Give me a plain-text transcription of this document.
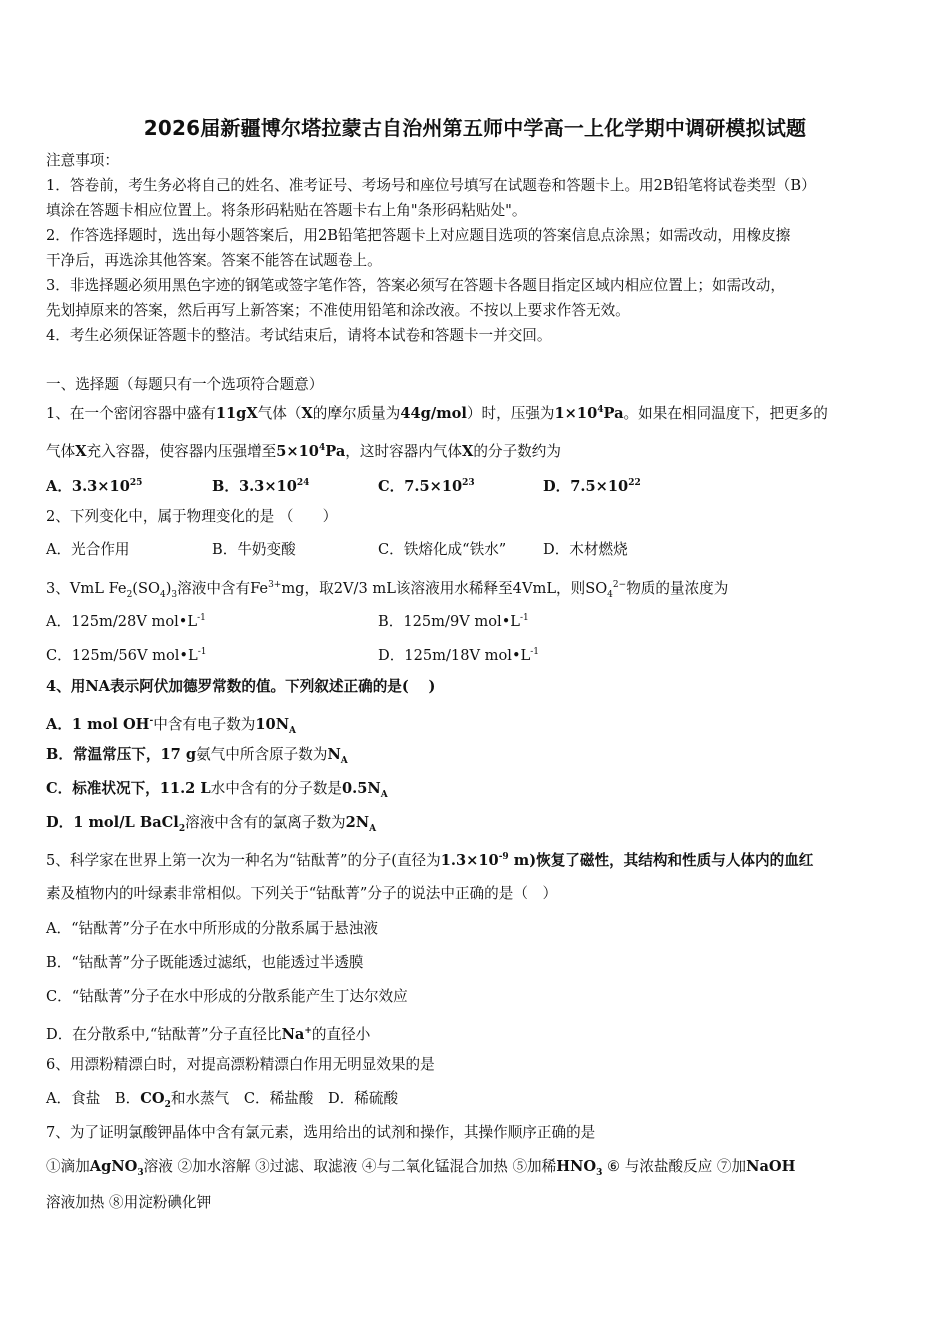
2026届新疆博尔塔拉蒙古自治州第五师中学高一上化学期中调研模拟试题
注意事项：
1．答卷前，考生务必将自己的姓名、准考证号、考场号和座位号填写在试题卷和答题卡上。用2B铅笔将试卷类型（B）
填涂在答题卡相应位置上。将条形码粘贴在答题卡右上角"条形码粘贴处"。
2．作答选择题时，选出每小题答案后，用2B铅笔把答题卡上对应题目选项的答案信息点涂黑；如需改动，用橡皮擦
干净后，再选涂其他答案。答案不能答在试题卷上。
3．非选择题必须用黑色字迹的钢笔或签字笔作答，答案必须写在答题卡各题目指定区域内相应位置上；如需改动，
先划掉原来的答案，然后再写上新答案；不准使用铅笔和涂改液。不按以上要求作答无效。
4．考生必须保证答题卡的整洁。考试结束后，请将本试卷和答题卡一并交回。
一、选择题（每题只有一个选项符合题意）
1、在一个密闭容器中盛有11gX气体（X的摩尔质量为44g/mol）时，压强为$1\times 10^4Pa$。如果在相同温度下，把更多的
气体X充入容器，使容器内压强增至$5\times 10^4Pa$，这时容器内气体X的分子数约为
A．$3.3\times 10^{25}$	B．$3.3\times 10^{24}$	C．$7.5\times 10^{23}$	D．$7.5\times 10^{22}$
2、下列变化中，属于物理变化的是 （　　）
A．光合作用	B．牛奶变酸	C．铁熔化成“铁水”	D．木材燃烧
3、VmL $Fe_2(SO_4)_3$溶液中含有$Fe^{3+}mg$，取2V/3 mL该溶液用水稀释至4VmL，则$SO_4^{2-}$物质的量浓度为
A．125m/28V $mol•L^{-1}$	B．125m/9V $mol•L^{-1}$
C．125m/56V $mol•L^{-1}$	D．125m/18V $mol•L^{-1}$
4、用NA表示阿伏加德罗常数的值。下列叙述正确的是(　 )
A．1 mol OH-中含有电子数为$10N_A$
B．常温常压下，17 g氨气中所含原子数为$N_A$
C．标准状况下，11.2 L水中含有的分子数是$0.5N_A$
D．1 mol/L BaCl$_2$溶液中含有的氯离子数为$2N_A$
5、科学家在世界上第一次为一种名为“钴酞菁”的分子(直径为$1.3\times 10^{-9}$ m)恢复了磁性，其结构和性质与人体内的血红
素及植物内的叶绿素非常相似。下列关于“钴酞菁”分子的说法中正确的是（　）
A．“钴酞菁”分子在水中所形成的分散系属于悬浊液
B．“钴酞菁”分子既能透过滤纸，也能透过半透膜
C．“钴酞菁”分子在水中形成的分散系能产生丁达尔效应
D．在分散系中,“钴酞菁”分子直径比Na+的直径小
6、用漂粉精漂白时，对提高漂粉精漂白作用无明显效果的是
A．食盐　B．$CO_2$和水蒸气　C．稀盐酸　D．稀硫酸
7、为了证明氯酸钾晶体中含有氯元素，选用给出的试剂和操作，其操作顺序正确的是
①滴加AgNO$_3$溶液 ②加水溶解 ③过滤、取滤液 ④与二氧化锰混合加热 ⑤加稀$HNO_3$ ⑥ 与浓盐酸反应 ⑦加NaOH
溶液加热 ⑧用淀粉碘化钾
